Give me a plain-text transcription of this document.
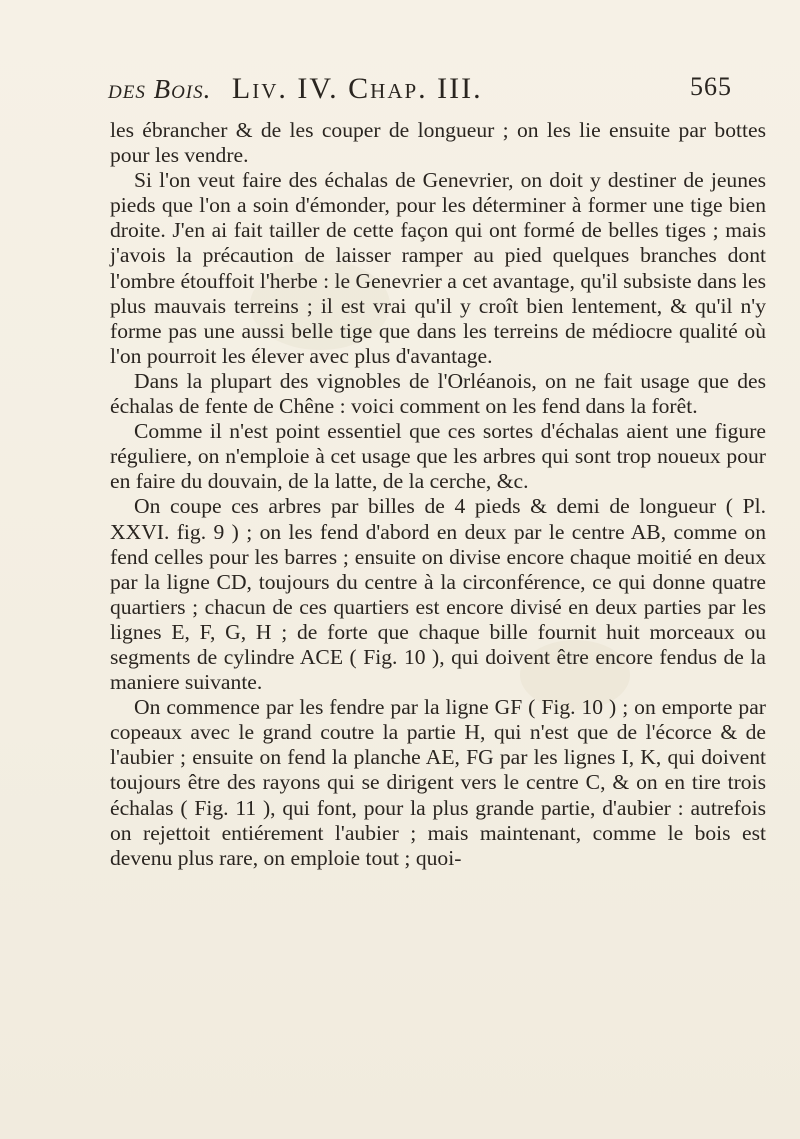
des Bois. Liv. IV. Chap. III.	565

les ébrancher & de les couper de longueur ; on les lie ensuite par bottes pour les vendre.

Si l'on veut faire des échalas de Genevrier, on doit y destiner de jeunes pieds que l'on a soin d'émonder, pour les déterminer à former une tige bien droite. J'en ai fait tailler de cette façon qui ont formé de belles tiges ; mais j'avois la précaution de laisser ramper au pied quelques branches dont l'ombre étouffoit l'herbe : le Genevrier a cet avantage, qu'il subsiste dans les plus mauvais terreins ; il est vrai qu'il y croît bien lentement, & qu'il n'y forme pas une aussi belle tige que dans les terreins de médiocre qualité où l'on pourroit les élever avec plus d'avantage.

Dans la plupart des vignobles de l'Orléanois, on ne fait usage que des échalas de fente de Chêne : voici comment on les fend dans la forêt.

Comme il n'est point essentiel que ces sortes d'échalas aient une figure réguliere, on n'emploie à cet usage que les arbres qui sont trop noueux pour en faire du douvain, de la latte, de la cerche, &c.

On coupe ces arbres par billes de 4 pieds & demi de longueur ( Pl. XXVI. fig. 9 ) ; on les fend d'abord en deux par le centre AB, comme on fend celles pour les barres ; ensuite on divise encore chaque moitié en deux par la ligne CD, toujours du centre à la circonférence, ce qui donne quatre quartiers ; chacun de ces quartiers est encore divisé en deux parties par les lignes E, F, G, H ; de forte que chaque bille fournit huit morceaux ou segments de cylindre ACE ( Fig. 10 ), qui doivent être encore fendus de la maniere suivante.

On commence par les fendre par la ligne GF ( Fig. 10 ) ; on emporte par copeaux avec le grand coutre la partie H, qui n'est que de l'écorce & de l'aubier ; ensuite on fend la planche AE, FG par les lignes I, K, qui doivent toujours être des rayons qui se dirigent vers le centre C, & on en tire trois échalas ( Fig. 11 ), qui font, pour la plus grande partie, d'aubier : autrefois on rejettoit entiérement l'aubier ; mais maintenant, comme le bois est devenu plus rare, on emploie tout ; quoi-
